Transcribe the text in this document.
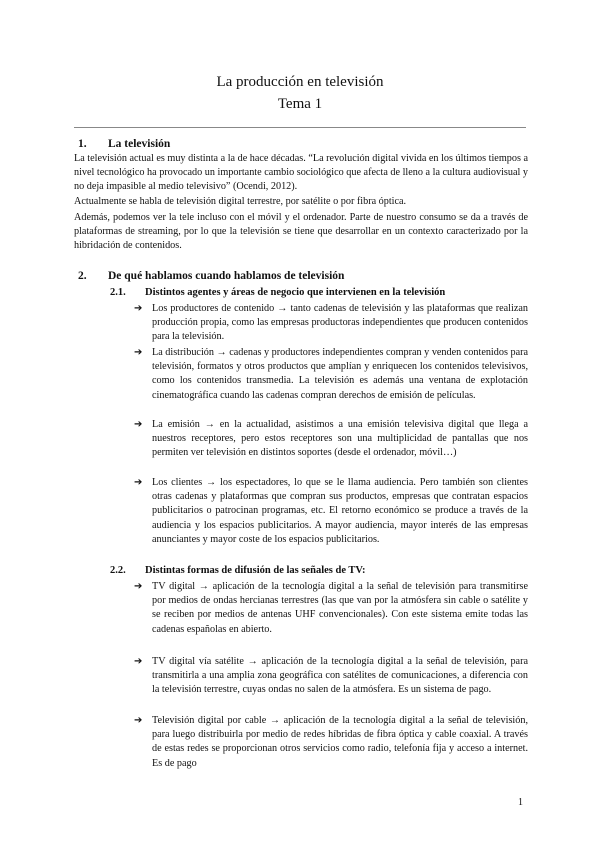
La producción en televisión
Tema 1
1. La televisión
La televisión actual es muy distinta a la de hace décadas. “La revolución digital vivida en los últimos tiempos a nivel tecnológico ha provocado un importante cambio sociológico que afecta de lleno a la cultura audiovisual y no deja impasible al medio televisivo” (Ocendi, 2012).
Actualmente se habla de televisión digital terrestre, por satélite o por fibra óptica.
Además, podemos ver la tele incluso con el móvil y el ordenador. Parte de nuestro consumo se da a través de plataformas de streaming, por lo que la televisión se tiene que desarrollar en un contexto caracterizado por la hibridación de contenidos.
2. De qué hablamos cuando hablamos de televisión
2.1. Distintos agentes y áreas de negocio que intervienen en la televisión
➔ Los productores de contenido → tanto cadenas de televisión y las plataformas que realizan producción propia, como las empresas productoras independientes que producen contenidos para la televisión.
➔ La distribución → cadenas y productores independientes compran y venden contenidos para televisión, formatos y otros productos que amplían y enriquecen los contenidos televisivos, como los contenidos transmedia. La televisión es además una ventana de explotación cinematográfica cuando las cadenas compran derechos de emisión de películas.
➔ La emisión → en la actualidad, asistimos a una emisión televisiva digital que llega a nuestros receptores, pero estos receptores son una multiplicidad de pantallas que nos permiten ver televisión en distintos soportes (desde el ordenador, móvil…)
➔ Los clientes → los espectadores, lo que se le llama audiencia. Pero también son clientes otras cadenas y plataformas que compran sus productos, empresas que contratan espacios publicitarios o patrocinan programas, etc. El retorno económico se produce a través de la audiencia y los espacios publicitarios. A mayor audiencia, mayor interés de las empresas anunciantes y mayor coste de los espacios publicitarios.
2.2. Distintas formas de difusión de las señales de TV:
➔ TV digital → aplicación de la tecnología digital a la señal de televisión para transmitirse por medios de ondas hercianas terrestres (las que van por la atmósfera sin cable o satélite y se reciben por medios de antenas UHF convencionales). Con este sistema emite todas las cadenas españolas en abierto.
➔ TV digital vía satélite → aplicación de la tecnología digital a la señal de televisión, para transmitirla a una amplia zona geográfica con satélites de comunicaciones, a diferencia con la televisión terrestre, cuyas ondas no salen de la atmósfera. Es un sistema de pago.
➔ Televisión digital por cable → aplicación de la tecnología digital a la señal de televisión, para luego distribuirla por medio de redes híbridas de fibra óptica y cable coaxial. A través de estas redes se proporcionan otros servicios como radio, telefonía fija y acceso a internet. Es de pago
1
